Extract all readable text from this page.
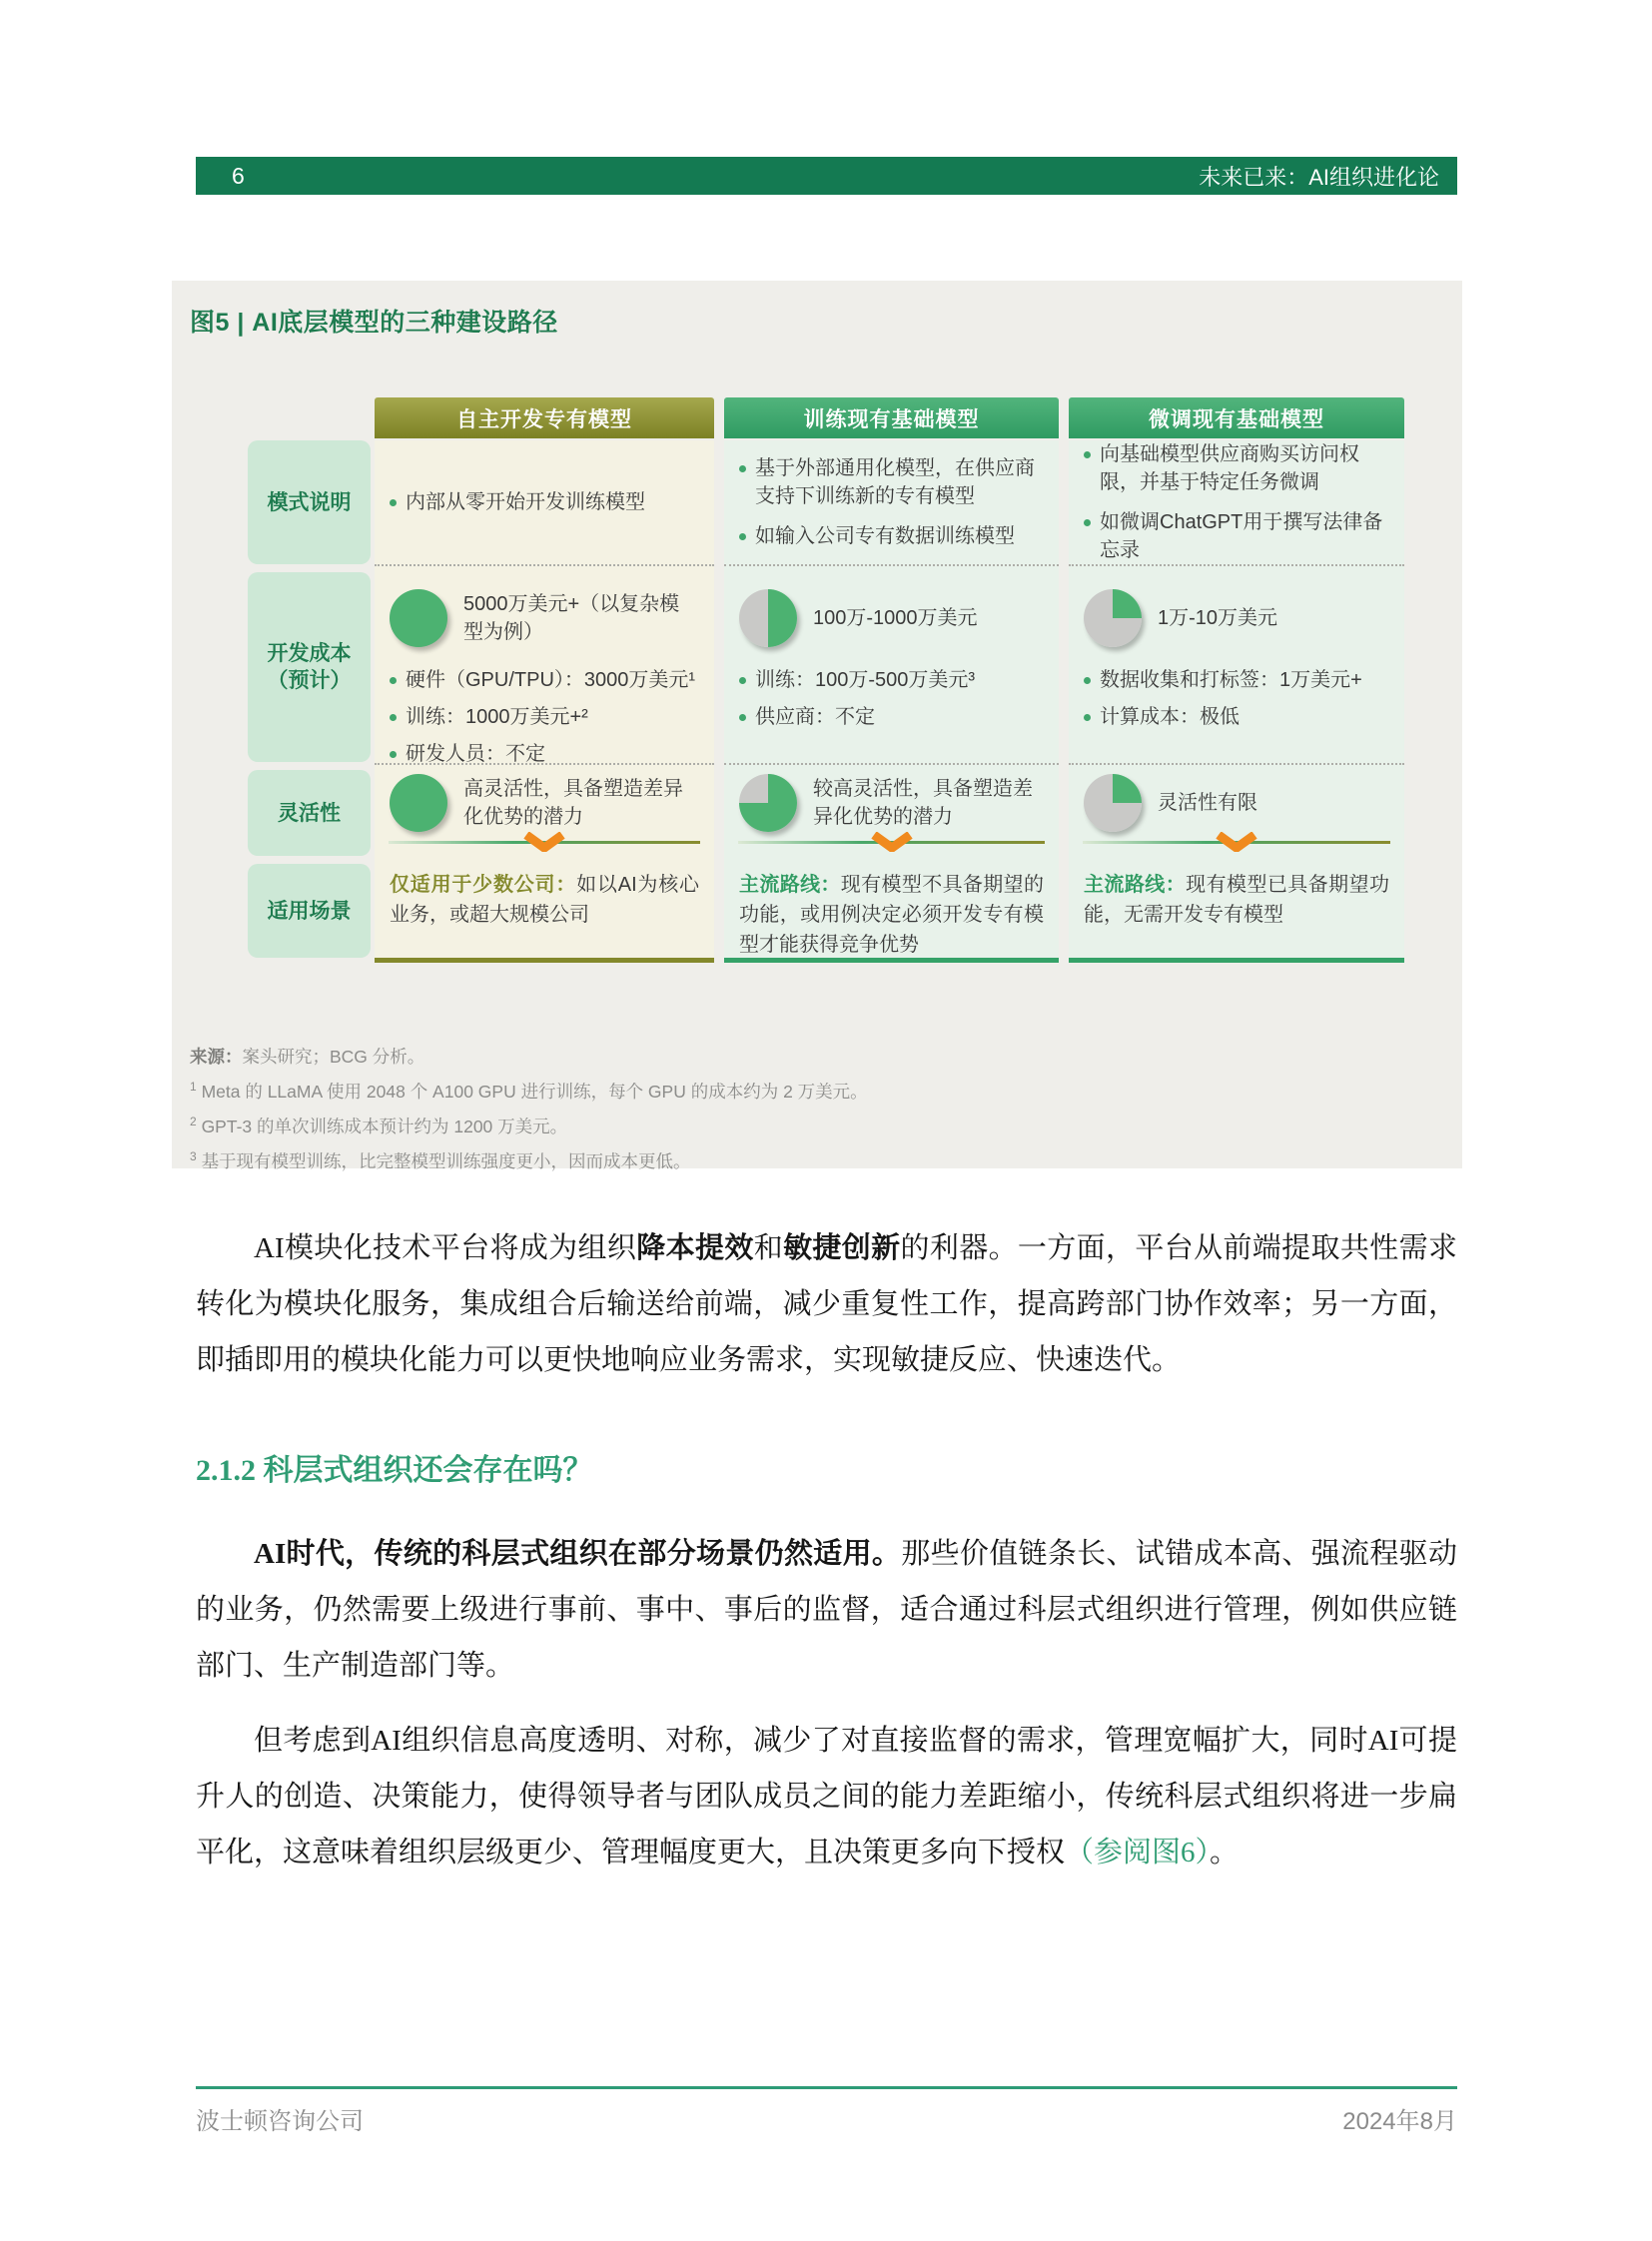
6	未来已来：AI组织进化论
图5 | AI底层模型的三种建设路径
模式说明
开发成本
（预计）
灵活性
适用场景
自主开发专有模型
内部从零开始开发训练模型
5000万美元+（以复杂模型为例）
硬件（GPU/TPU）：3000万美元¹
训练：1000万美元+²
研发人员：不定
高灵活性，具备塑造差异化优势的潜力
仅适用于少数公司：如以AI为核心业务，或超大规模公司
训练现有基础模型
基于外部通用化模型，在供应商支持下训练新的专有模型
如输入公司专有数据训练模型
100万-1000万美元
训练：100万-500万美元³
供应商：不定
较高灵活性，具备塑造差异化优势的潜力
主流路线：现有模型不具备期望的功能，或用例决定必须开发专有模型才能获得竞争优势
微调现有基础模型
向基础模型供应商购买访问权限，并基于特定任务微调
如微调ChatGPT用于撰写法律备忘录
1万-10万美元
数据收集和打标签：1万美元+
计算成本：极低
灵活性有限
主流路线：现有模型已具备期望功能，无需开发专有模型
来源：案头研究；BCG 分析。
$^1$ Meta 的 LLaMA 使用 2048 个 A100 GPU 进行训练，每个 GPU 的成本约为 2 万美元。
$^2$ GPT-3 的单次训练成本预计约为 1200 万美元。
$^3$ 基于现有模型训练，比完整模型训练强度更小，因而成本更低。
AI模块化技术平台将成为组织降本提效和敏捷创新的利器。一方面，平台从前端提取共性需求转化为模块化服务，集成组合后输送给前端，减少重复性工作，提高跨部门协作效率；另一方面，即插即用的模块化能力可以更快地响应业务需求，实现敏捷反应、快速迭代。
2.1.2 科层式组织还会存在吗？
AI时代，传统的科层式组织在部分场景仍然适用。那些价值链条长、试错成本高、强流程驱动的业务，仍然需要上级进行事前、事中、事后的监督，适合通过科层式组织进行管理，例如供应链部门、生产制造部门等。
但考虑到AI组织信息高度透明、对称，减少了对直接监督的需求，管理宽幅扩大，同时AI可提升人的创造、决策能力，使得领导者与团队成员之间的能力差距缩小，传统科层式组织将进一步扁平化，这意味着组织层级更少、管理幅度更大，且决策更多向下授权（参阅图6）。
波士顿咨询公司	2024年8月
